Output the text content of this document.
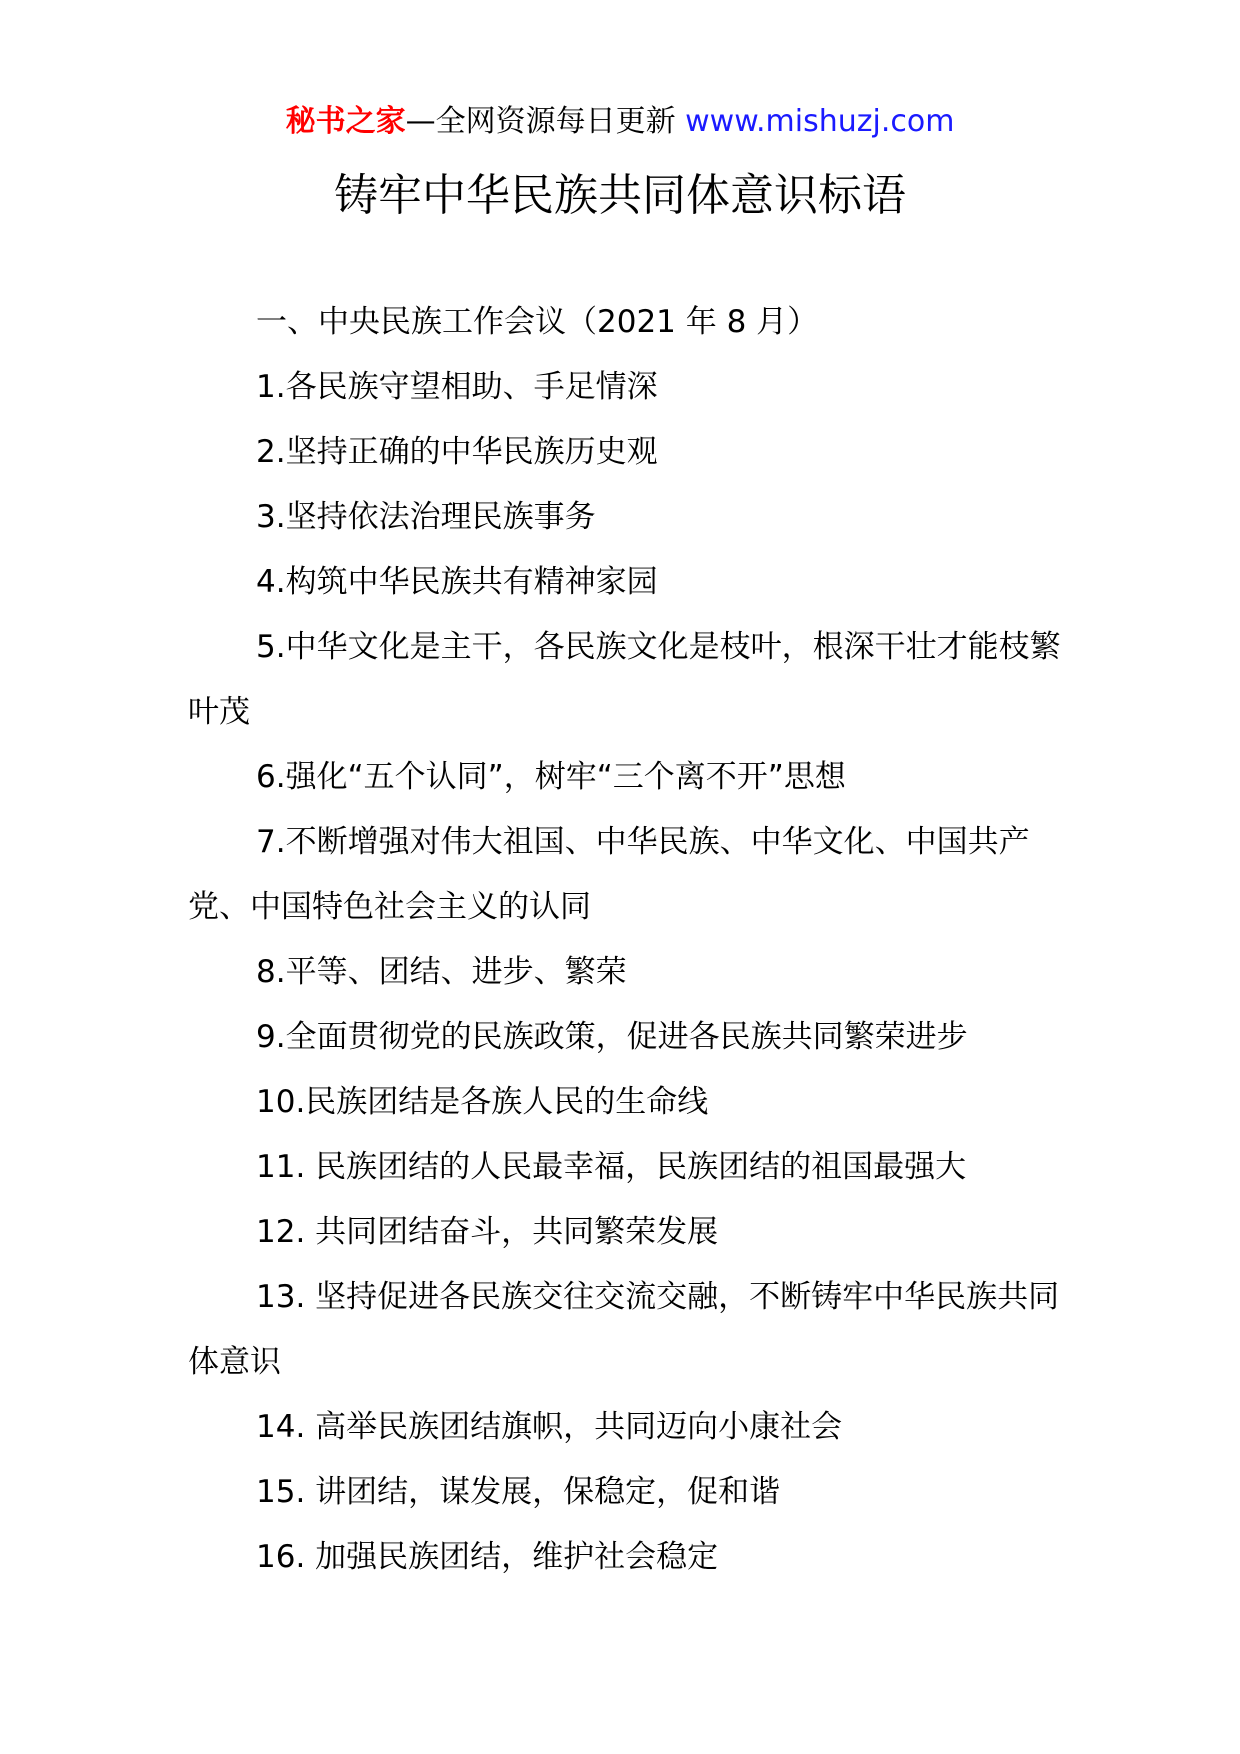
秘书之家—全网资源每日更新 www.mishuzj.com
铸牢中华民族共同体意识标语

一、中央民族工作会议（2021 年 8 月）

1.各民族守望相助、手足情深

2.坚持正确的中华民族历史观

3.坚持依法治理民族事务

4.构筑中华民族共有精神家园

5.中华文化是主干，各民族文化是枝叶，根深干壮才能枝繁叶茂

6.强化“五个认同”，树牢“三个离不开”思想

7.不断增强对伟大祖国、中华民族、中华文化、中国共产党、中国特色社会主义的认同

8.平等、团结、进步、繁荣

9.全面贯彻党的民族政策，促进各民族共同繁荣进步

10.民族团结是各族人民的生命线

11. 民族团结的人民最幸福，民族团结的祖国最强大

12. 共同团结奋斗，共同繁荣发展

13. 坚持促进各民族交往交流交融，不断铸牢中华民族共同体意识

14. 高举民族团结旗帜，共同迈向小康社会

15. 讲团结，谋发展，保稳定，促和谐

16. 加强民族团结，维护社会稳定
